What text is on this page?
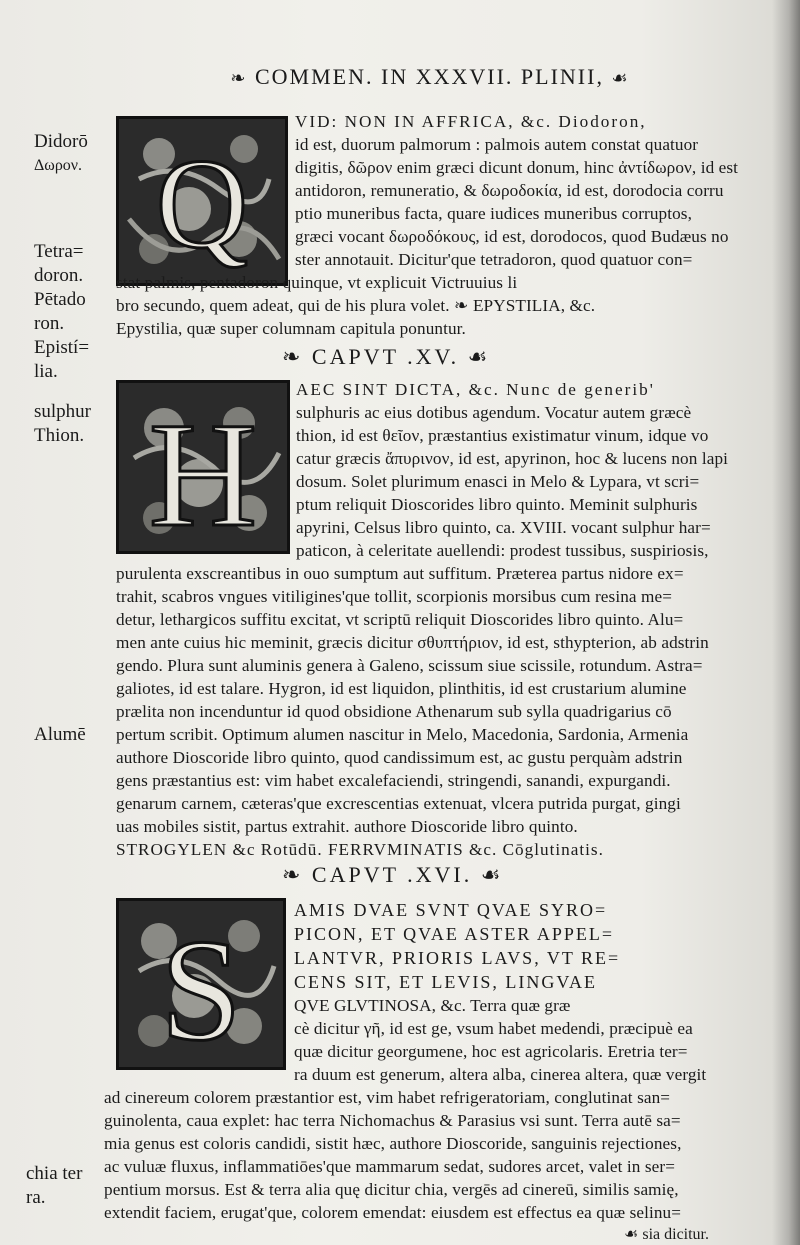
❧ COMMEN. IN XXXVII. PLINII, ☙
Didorō
Δωρον.
Tetra=
doron.
Pētado
ron.
Epistí=
lia.
sulphur
Thion.
Alumē
chia ter
ra.
Q
VID: NON IN AFFRICA, &c. Diodoron,
id est, duorum palmorum : palmois autem constat quatuor
digitis, δῶρον enim græci dicunt donum, hinc ἀντίδωρον, id est
antidoron, remuneratio, & δωροδοκία, id est, dorodocia corru
ptio muneribus facta, quare iudices muneribus corruptos,
græci vocant δωροδόκους, id est, dorodocos, quod Budæus no
ster annotauit. Dicitur'que tetradoron, quod quatuor con=
stat palmis, pentadoron quinque, vt explicuit Victruuius li
bro secundo, quem adeat, qui de his plura volet. ❧ EPYSTILIA, &c.
Epystilia, quæ super columnam capitula ponuntur.
❧ CAPVT .XV. ☙
H
AEC SINT DICTA, &c. Nunc de generib'
sulphuris ac eius dotibus agendum. Vocatur autem græcè
thion, id est θεῖον, præstantius existimatur vinum, idque vo
catur græcis ἄπυρινον, id est, apyrinon, hoc & lucens non lapi
dosum. Solet plurimum enasci in Melo & Lypara, vt scri=
ptum reliquit Dioscorides libro quinto. Meminit sulphuris
apyrini, Celsus libro quinto, ca. XVIII. vocant sulphur har=
paticon, à celeritate auellendi: prodest tussibus, suspiriosis,
purulenta exscreantibus in ouo sumptum aut suffitum. Præterea partus nidore ex=
trahit, scabros vngues vitiligines'que tollit, scorpionis morsibus cum resina me=
detur, lethargicos suffitu excitat, vt scriptū reliquit Dioscorides libro quinto. Alu=
men ante cuius hic meminit, græcis dicitur σθυπτήριον, id est, sthypterion, ab adstrin
gendo. Plura sunt aluminis genera à Galeno, scissum siue scissile, rotundum. Astra=
galiotes, id est talare. Hygron, id est liquidon, plinthitis, id est crustarium alumine
prælita non incenduntur id quod obsidione Athenarum sub sylla quadrigarius cō
pertum scribit. Optimum alumen nascitur in Melo, Macedonia, Sardonia, Armenia
authore Dioscoride libro quinto, quod candissimum est, ac gustu perquàm adstrin
gens præstantius est: vim habet excalefaciendi, stringendi, sanandi, expurgandi.
genarum carnem, cæteras'que excrescentias extenuat, vlcera putrida purgat, gingi
uas mobiles sistit, partus extrahit. authore Dioscoride libro quinto.
STROGYLEN &c Rotūdū. FERRVMINATIS &c. Cōglutinatis.
❧ CAPVT .XVI. ☙
S	AMIS DVAE SVNT QVAE SYRO=
PICON, ET QVAE ASTER APPEL=
LANTVR, PRIORIS LAVS, VT RE=
CENS SIT, ET LEVIS, LINGVAE
QVE GLVTINOSA, &c. Terra quæ græ
cè dicitur γῆ, id est ge, vsum habet medendi, præcipuè ea
quæ dicitur georgumene, hoc est agricolaris. Eretria ter=
ra duum est generum, altera alba, cinerea altera, quæ vergit
ad cinereum colorem præstantior est, vim habet refrigeratoriam, conglutinat san=
guinolenta, caua explet: hac terra Nichomachus & Parasius vsi sunt. Terra autē sa=
mia genus est coloris candidi, sistit hæc, authore Dioscoride, sanguinis rejectiones,
ac vuluæ fluxus, inflammatiōes'que mammarum sedat, sudores arcet, valet in ser=
pentium morsus. Est & terra alia quę dicitur chia, vergēs ad cinereū, similis samię,
extendit faciem, erugat'que, colorem emendat: eiusdem est effectus ea quæ selinu=
☙ sia dicitur.
